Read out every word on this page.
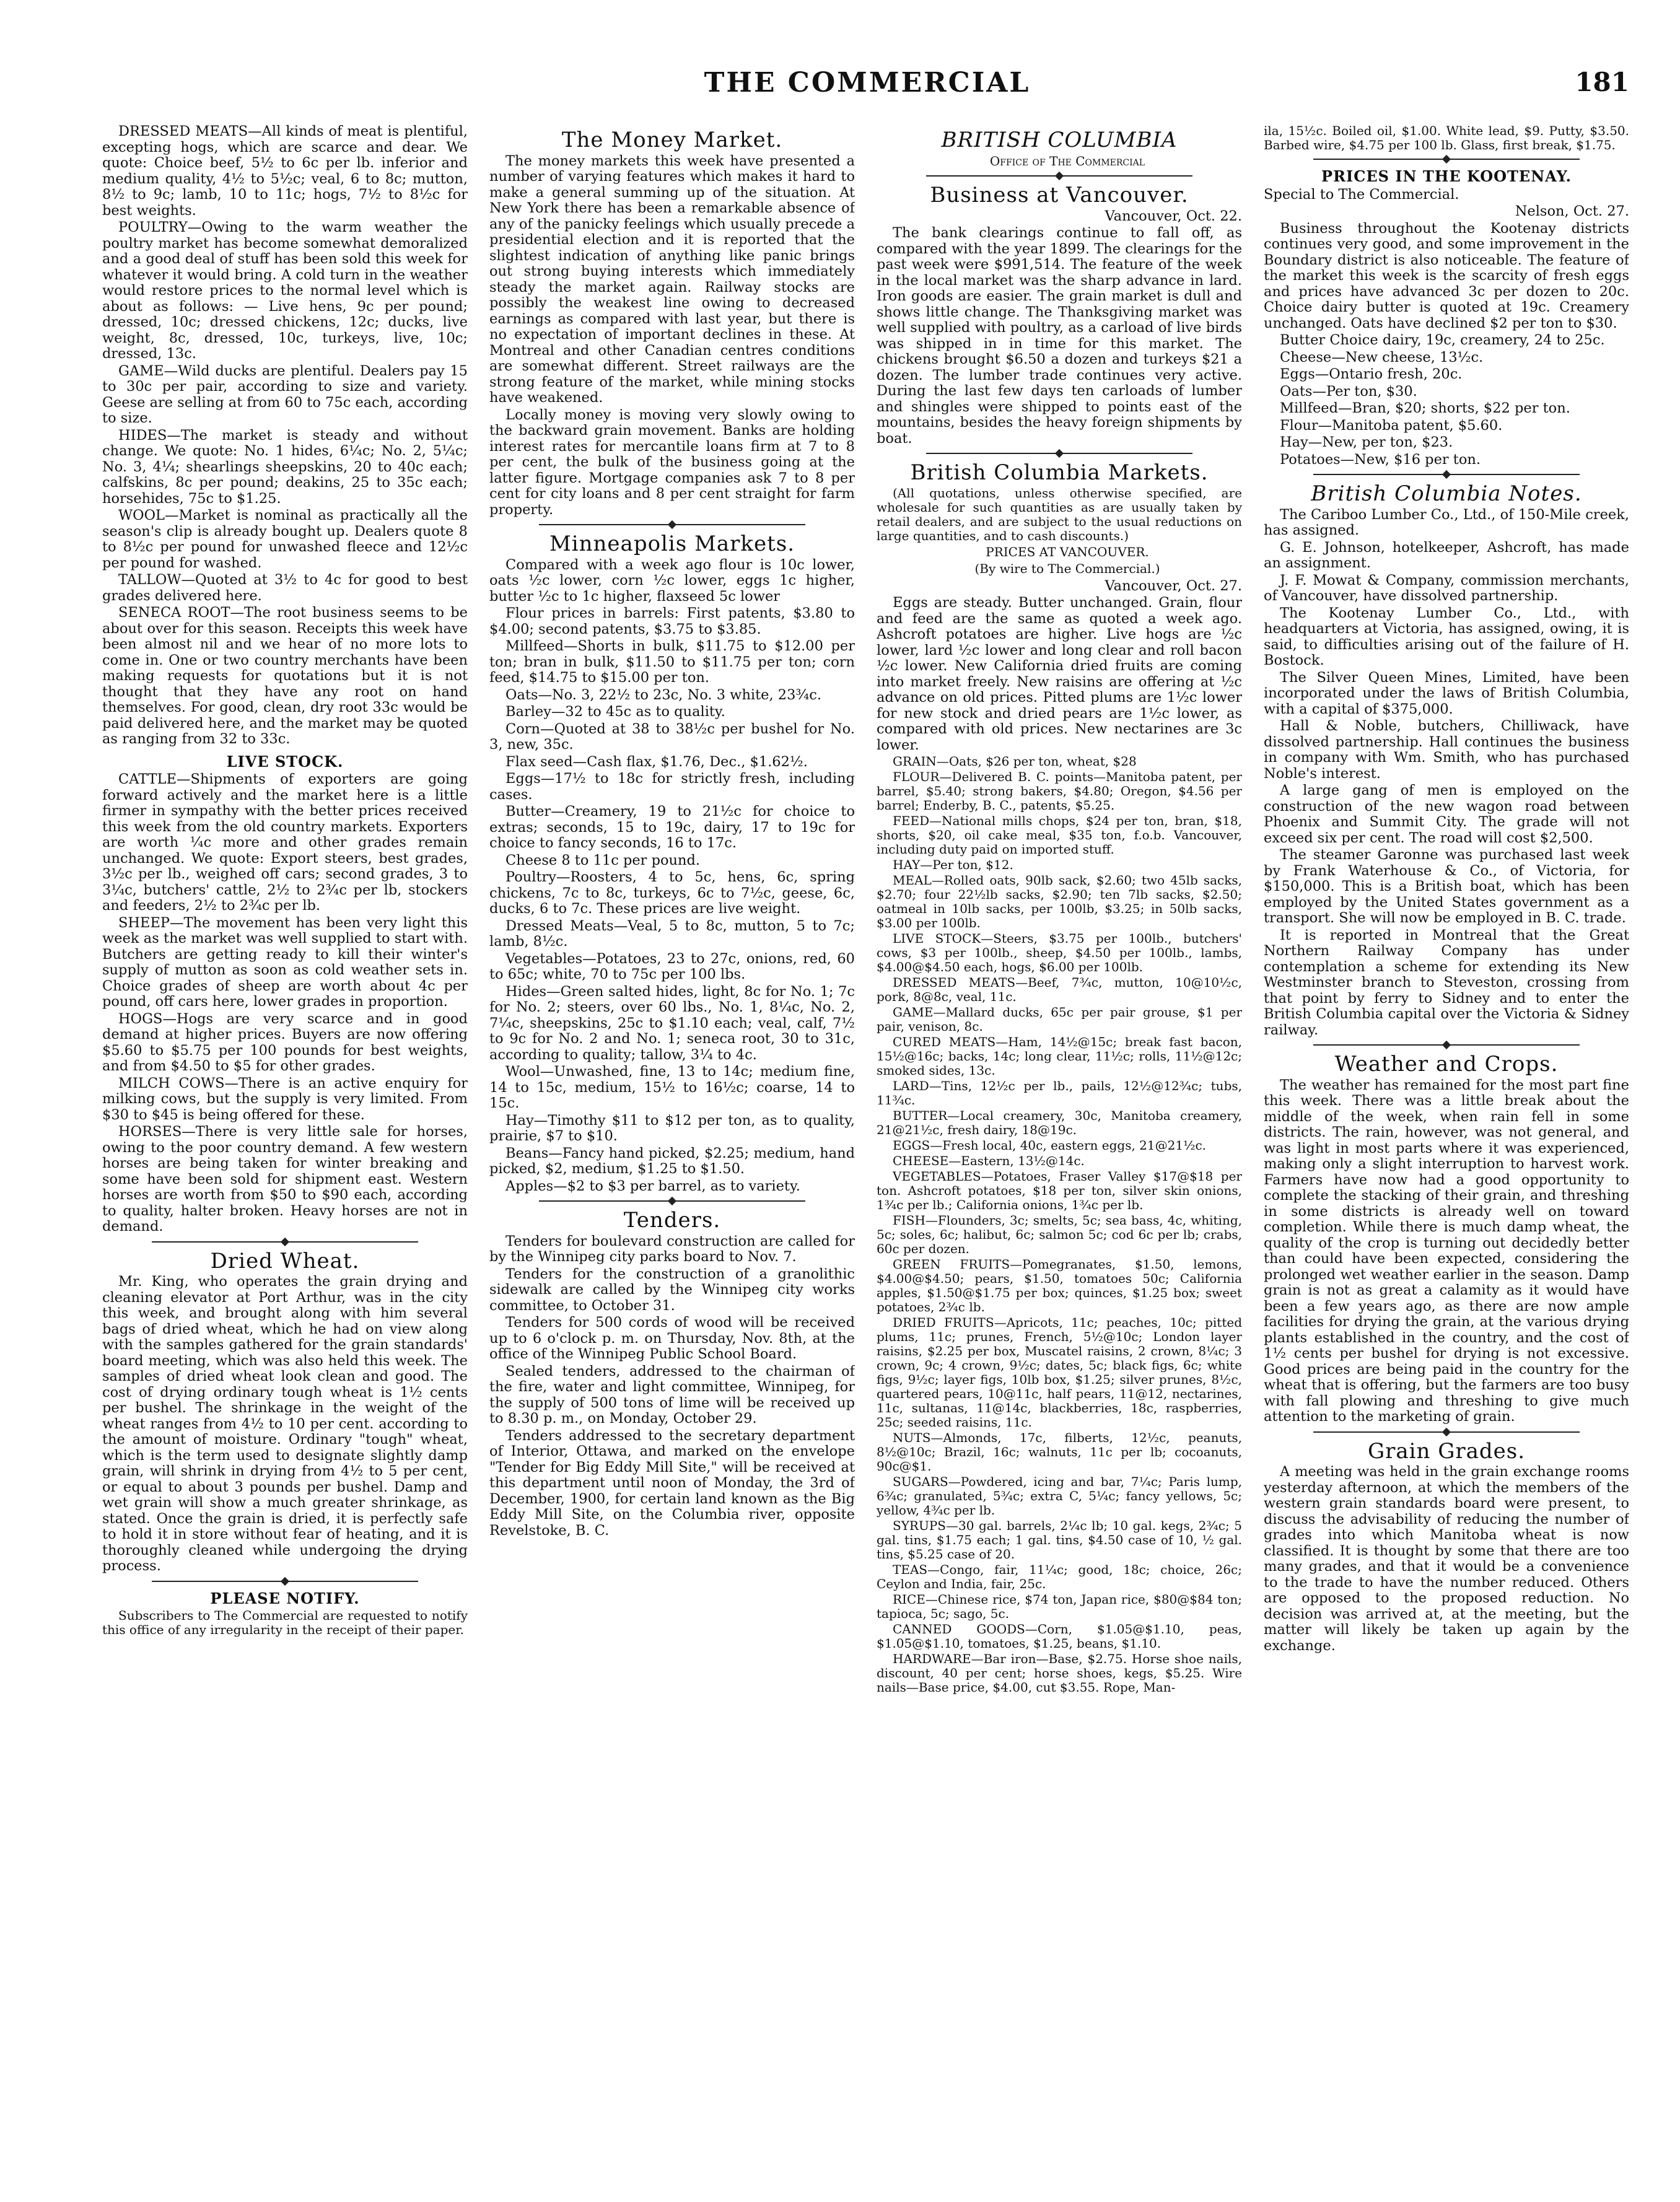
THE COMMERCIAL	181

DRESSED MEATS—All kinds of meat is plentiful, excepting hogs, which are scarce and dear. We quote: Choice beef, 5½ to 6c per lb. inferior and medium quality, 4½ to 5½c; veal, 6 to 8c; mutton, 8½ to 9c; lamb, 10 to 11c; hogs, 7½ to 8½c for best weights.

POULTRY—Owing to the warm weather the poultry market has become somewhat demoralized and a good deal of stuff has been sold this week for whatever it would bring. A cold turn in the weather would restore prices to the normal level which is about as follows: — Live hens, 9c per pound; dressed, 10c; dressed chickens, 12c; ducks, live weight, 8c, dressed, 10c, turkeys, live, 10c; dressed, 13c.

GAME—Wild ducks are plentiful. Dealers pay 15 to 30c per pair, according to size and variety. Geese are selling at from 60 to 75c each, according to size.

HIDES—The market is steady and without change. We quote: No. 1 hides, 6¼c; No. 2, 5¼c; No. 3, 4¼; shearlings sheepskins, 20 to 40c each; calfskins, 8c per pound; deakins, 25 to 35c each; horsehides, 75c to $1.25.

WOOL—Market is nominal as practically all the season's clip is already bought up. Dealers quote 8 to 8½c per pound for unwashed fleece and 12½c per pound for washed.

TALLOW—Quoted at 3½ to 4c for good to best grades delivered here.

SENECA ROOT—The root business seems to be about over for this season. Receipts this week have been almost nil and we hear of no more lots to come in. One or two country merchants have been making requests for quotations but it is not thought that they have any root on hand themselves. For good, clean, dry root 33c would be paid delivered here, and the market may be quoted as ranging from 32 to 33c.

LIVE STOCK.

CATTLE—Shipments of exporters are going forward actively and the market here is a little firmer in sympathy with the better prices received this week from the old country markets. Exporters are worth ¼c more and other grades remain unchanged. We quote: Export steers, best grades, 3½c per lb., weighed off cars; second grades, 3 to 3¼c, butchers' cattle, 2½ to 2¾c per lb, stockers and feeders, 2½ to 2¾c per lb.

SHEEP—The movement has been very light this week as the market was well supplied to start with. Butchers are getting ready to kill their winter's supply of mutton as soon as cold weather sets in. Choice grades of sheep are worth about 4c per pound, off cars here, lower grades in proportion.

HOGS—Hogs are very scarce and in good demand at higher prices. Buyers are now offering $5.60 to $5.75 per 100 pounds for best weights, and from $4.50 to $5 for other grades.

MILCH COWS—There is an active enquiry for milking cows, but the supply is very limited. From $30 to $45 is being offered for these.

HORSES—There is very little sale for horses, owing to the poor country demand. A few western horses are being taken for winter breaking and some have been sold for shipment east. Western horses are worth from $50 to $90 each, according to quality, halter broken. Heavy horses are not in demand.

Dried Wheat.

Mr. King, who operates the grain drying and cleaning elevator at Port Arthur, was in the city this week, and brought along with him several bags of dried wheat, which he had on view along with the samples gathered for the grain standards' board meeting, which was also held this week. The samples of dried wheat look clean and good. The cost of drying ordinary tough wheat is 1½ cents per bushel. The shrinkage in the weight of the wheat ranges from 4½ to 10 per cent. according to the amount of moisture. Ordinary "tough" wheat, which is the term used to designate slightly damp grain, will shrink in drying from 4½ to 5 per cent, or equal to about 3 pounds per bushel. Damp and wet grain will show a much greater shrinkage, as stated. Once the grain is dried, it is perfectly safe to hold it in store without fear of heating, and it is thoroughly cleaned while undergoing the drying process.

PLEASE NOTIFY.

Subscribers to The Commercial are requested to notify this office of any irregularity in the receipt of their paper.

The Money Market.

The money markets this week have presented a number of varying features which makes it hard to make a general summing up of the situation. At New York there has been a remarkable absence of any of the panicky feelings which usually precede a presidential election and it is reported that the slightest indication of anything like panic brings out strong buying interests which immediately steady the market again. Railway stocks are possibly the weakest line owing to decreased earnings as compared with last year, but there is no expectation of important declines in these. At Montreal and other Canadian centres conditions are somewhat different. Street railways are the strong feature of the market, while mining stocks have weakened.

Locally money is moving very slowly owing to the backward grain movement. Banks are holding interest rates for mercantile loans firm at 7 to 8 per cent, the bulk of the business going at the latter figure. Mortgage companies ask 7 to 8 per cent for city loans and 8 per cent straight for farm property.

Minneapolis Markets.

Compared with a week ago flour is 10c lower, oats ½c lower, corn ½c lower, eggs 1c higher, butter ½c to 1c higher, flaxseed 5c lower

Flour prices in barrels: First patents, $3.80 to $4.00; second patents, $3.75 to $3.85.

Millfeed—Shorts in bulk, $11.75 to $12.00 per ton; bran in bulk, $11.50 to $11.75 per ton; corn feed, $14.75 to $15.00 per ton.

Oats—No. 3, 22½ to 23c, No. 3 white, 23¾c.

Barley—32 to 45c as to quality.

Corn—Quoted at 38 to 38½c per bushel for No. 3, new, 35c.

Flax seed—Cash flax, $1.76, Dec., $1.62½.

Eggs—17½ to 18c for strictly fresh, including cases.

Butter—Creamery, 19 to 21½c for choice to extras; seconds, 15 to 19c, dairy, 17 to 19c for choice to fancy seconds, 16 to 17c.

Cheese 8 to 11c per pound.

Poultry—Roosters, 4 to 5c, hens, 6c, spring chickens, 7c to 8c, turkeys, 6c to 7½c, geese, 6c, ducks, 6 to 7c. These prices are live weight.

Dressed Meats—Veal, 5 to 8c, mutton, 5 to 7c; lamb, 8½c.

Vegetables—Potatoes, 23 to 27c, onions, red, 60 to 65c; white, 70 to 75c per 100 lbs.

Hides—Green salted hides, light, 8c for No. 1; 7c for No. 2; steers, over 60 lbs., No. 1, 8¼c, No. 2, 7¼c, sheepskins, 25c to $1.10 each; veal, calf, 7½ to 9c for No. 2 and No. 1; seneca root, 30 to 31c, according to quality; tallow, 3¼ to 4c.

Wool—Unwashed, fine, 13 to 14c; medium fine, 14 to 15c, medium, 15½ to 16½c; coarse, 14 to 15c.

Hay—Timothy $11 to $12 per ton, as to quality, prairie, $7 to $10.

Beans—Fancy hand picked, $2.25; medium, hand picked, $2, medium, $1.25 to $1.50.

Apples—$2 to $3 per barrel, as to variety.

Tenders.

Tenders for boulevard construction are called for by the Winnipeg city parks board to Nov. 7.

Tenders for the construction of a granolithic sidewalk are called by the Winnipeg city works committee, to October 31.

Tenders for 500 cords of wood will be received up to 6 o'clock p. m. on Thursday, Nov. 8th, at the office of the Winnipeg Public School Board.

Sealed tenders, addressed to the chairman of the fire, water and light committee, Winnipeg, for the supply of 500 tons of lime will be received up to 8.30 p. m., on Monday, October 29.

Tenders addressed to the secretary department of Interior, Ottawa, and marked on the envelope "Tender for Big Eddy Mill Site," will be received at this department until noon of Monday, the 3rd of December, 1900, for certain land known as the Big Eddy Mill Site, on the Columbia river, opposite Revelstoke, B. C.

BRITISH COLUMBIA

Office of The Commercial

Business at Vancouver.

Vancouver, Oct. 22.

The bank clearings continue to fall off, as compared with the year 1899. The clearings for the past week were $991,514. The feature of the week in the local market was the sharp advance in lard. Iron goods are easier. The grain market is dull and shows little change. The Thanksgiving market was well supplied with poultry, as a carload of live birds was shipped in in time for this market. The chickens brought $6.50 a dozen and turkeys $21 a dozen. The lumber trade continues very active. During the last few days ten carloads of lumber and shingles were shipped to points east of the mountains, besides the heavy foreign shipments by boat.

British Columbia Markets.

(All quotations, unless otherwise specified, are wholesale for such quantities as are usually taken by retail dealers, and are subject to the usual reductions on large quantities, and to cash discounts.)

PRICES AT VANCOUVER.

(By wire to The Commercial.)

Vancouver, Oct. 27.

Eggs are steady. Butter unchanged. Grain, flour and feed are the same as quoted a week ago. Ashcroft potatoes are higher. Live hogs are ½c lower, lard ½c lower and long clear and roll bacon ½c lower. New California dried fruits are coming into market freely. New raisins are offering at ½c advance on old prices. Pitted plums are 1½c lower for new stock and dried pears are 1½c lower, as compared with old prices. New nectarines are 3c lower.

GRAIN—Oats, $26 per ton, wheat, $28

FLOUR—Delivered B. C. points—Manitoba patent, per barrel, $5.40; strong bakers, $4.80; Oregon, $4.56 per barrel; Enderby, B. C., patents, $5.25.

FEED—National mills chops, $24 per ton, bran, $18, shorts, $20, oil cake meal, $35 ton, f.o.b. Vancouver, including duty paid on imported stuff.

HAY—Per ton, $12.

MEAL—Rolled oats, 90lb sack, $2.60; two 45lb sacks, $2.70; four 22½lb sacks, $2.90; ten 7lb sacks, $2.50; oatmeal in 10lb sacks, per 100lb, $3.25; in 50lb sacks, $3.00 per 100lb.

LIVE STOCK—Steers, $3.75 per 100lb., butchers' cows, $3 per 100lb., sheep, $4.50 per 100lb., lambs, $4.00@$4.50 each, hogs, $6.00 per 100lb.

DRESSED MEATS—Beef, 7¾c, mutton, 10@10½c, pork, 8@8c, veal, 11c.

GAME—Mallard ducks, 65c per pair grouse, $1 per pair, venison, 8c.

CURED MEATS—Ham, 14½@15c; break fast bacon, 15½@16c; backs, 14c; long clear, 11½c; rolls, 11½@12c; smoked sides, 13c.

LARD—Tins, 12½c per lb., pails, 12½@12¾c; tubs, 11¾c.

BUTTER—Local creamery, 30c, Manitoba creamery, 21@21½c, fresh dairy, 18@19c.

EGGS—Fresh local, 40c, eastern eggs, 21@21½c.

CHEESE—Eastern, 13½@14c.

VEGETABLES—Potatoes, Fraser Valley $17@$18 per ton. Ashcroft potatoes, $18 per ton, silver skin onions, 1¾c per lb.; California onions, 1¾c per lb.

FISH—Flounders, 3c; smelts, 5c; sea bass, 4c, whiting, 5c; soles, 6c; halibut, 6c; salmon 5c; cod 6c per lb; crabs, 60c per dozen.

GREEN FRUITS—Pomegranates, $1.50, lemons, $4.00@$4.50; pears, $1.50, tomatoes 50c; California apples, $1.50@$1.75 per box; quinces, $1.25 box; sweet potatoes, 2¾c lb.

DRIED FRUITS—Apricots, 11c; peaches, 10c; pitted plums, 11c; prunes, French, 5½@10c; London layer raisins, $2.25 per box, Muscatel raisins, 2 crown, 8¼c; 3 crown, 9c; 4 crown, 9½c; dates, 5c; black figs, 6c; white figs, 9½c; layer figs, 10lb box, $1.25; silver prunes, 8½c, quartered pears, 10@11c, half pears, 11@12, nectarines, 11c, sultanas, 11@14c, blackberries, 18c, raspberries, 25c; seeded raisins, 11c.

NUTS—Almonds, 17c, filberts, 12½c, peanuts, 8½@10c; Brazil, 16c; walnuts, 11c per lb; cocoanuts, 90c@$1.

SUGARS—Powdered, icing and bar, 7¼c; Paris lump, 6¾c; granulated, 5¾c; extra C, 5¼c; fancy yellows, 5c; yellow, 4¾c per lb.

SYRUPS—30 gal. barrels, 2¼c lb; 10 gal. kegs, 2¾c; 5 gal. tins, $1.75 each; 1 gal. tins, $4.50 case of 10, ½ gal. tins, $5.25 case of 20.

TEAS—Congo, fair, 11¼c; good, 18c; choice, 26c; Ceylon and India, fair, 25c.

RICE—Chinese rice, $74 ton, Japan rice, $80@$84 ton; tapioca, 5c; sago, 5c.

CANNED GOODS—Corn, $1.05@$1.10, peas, $1.05@$1.10, tomatoes, $1.25, beans, $1.10.

HARDWARE—Bar iron—Base, $2.75. Horse shoe nails, discount, 40 per cent; horse shoes, kegs, $5.25. Wire nails—Base price, $4.00, cut $3.55. Rope, Man-

ila, 15½c. Boiled oil, $1.00. White lead, $9. Putty, $3.50. Barbed wire, $4.75 per 100 lb. Glass, first break, $1.75.

PRICES IN THE KOOTENAY.

Special to The Commercial.

Nelson, Oct. 27.

Business throughout the Kootenay districts continues very good, and some improvement in the Boundary district is also noticeable. The feature of the market this week is the scarcity of fresh eggs and prices have advanced 3c per dozen to 20c. Choice dairy butter is quoted at 19c. Creamery unchanged. Oats have declined $2 per ton to $30.

Butter Choice dairy, 19c, creamery, 24 to 25c.

Cheese—New cheese, 13½c.

Eggs—Ontario fresh, 20c.

Oats—Per ton, $30.

Millfeed—Bran, $20; shorts, $22 per ton.

Flour—Manitoba patent, $5.60.

Hay—New, per ton, $23.

Potatoes—New, $16 per ton.

British Columbia Notes.

The Cariboo Lumber Co., Ltd., of 150-Mile creek, has assigned.

G. E. Johnson, hotelkeeper, Ashcroft, has made an assignment.

J. F. Mowat & Company, commission merchants, of Vancouver, have dissolved partnership.

The Kootenay Lumber Co., Ltd., with headquarters at Victoria, has assigned, owing, it is said, to difficulties arising out of the failure of H. Bostock.

The Silver Queen Mines, Limited, have been incorporated under the laws of British Columbia, with a capital of $375,000.

Hall & Noble, butchers, Chilliwack, have dissolved partnership. Hall continues the business in company with Wm. Smith, who has purchased Noble's interest.

A large gang of men is employed on the construction of the new wagon road between Phoenix and Summit City. The grade will not exceed six per cent. The road will cost $2,500.

The steamer Garonne was purchased last week by Frank Waterhouse & Co., of Victoria, for $150,000. This is a British boat, which has been employed by the United States government as a transport. She will now be employed in B. C. trade.

It is reported in Montreal that the Great Northern Railway Company has under contemplation a scheme for extending its New Westminster branch to Steveston, crossing from that point by ferry to Sidney and to enter the British Columbia capital over the Victoria & Sidney railway.

Weather and Crops.

The weather has remained for the most part fine this week. There was a little break about the middle of the week, when rain fell in some districts. The rain, however, was not general, and was light in most parts where it was experienced, making only a slight interruption to harvest work. Farmers have now had a good opportunity to complete the stacking of their grain, and threshing in some districts is already well on toward completion. While there is much damp wheat, the quality of the crop is turning out decidedly better than could have been expected, considering the prolonged wet weather earlier in the season. Damp grain is not as great a calamity as it would have been a few years ago, as there are now ample facilities for drying the grain, at the various drying plants established in the country, and the cost of 1½ cents per bushel for drying is not excessive. Good prices are being paid in the country for the wheat that is offering, but the farmers are too busy with fall plowing and threshing to give much attention to the marketing of grain.

Grain Grades.

A meeting was held in the grain exchange rooms yesterday afternoon, at which the members of the western grain standards board were present, to discuss the advisability of reducing the number of grades into which Manitoba wheat is now classified. It is thought by some that there are too many grades, and that it would be a convenience to the trade to have the number reduced. Others are opposed to the proposed reduction. No decision was arrived at, at the meeting, but the matter will likely be taken up again by the exchange.
